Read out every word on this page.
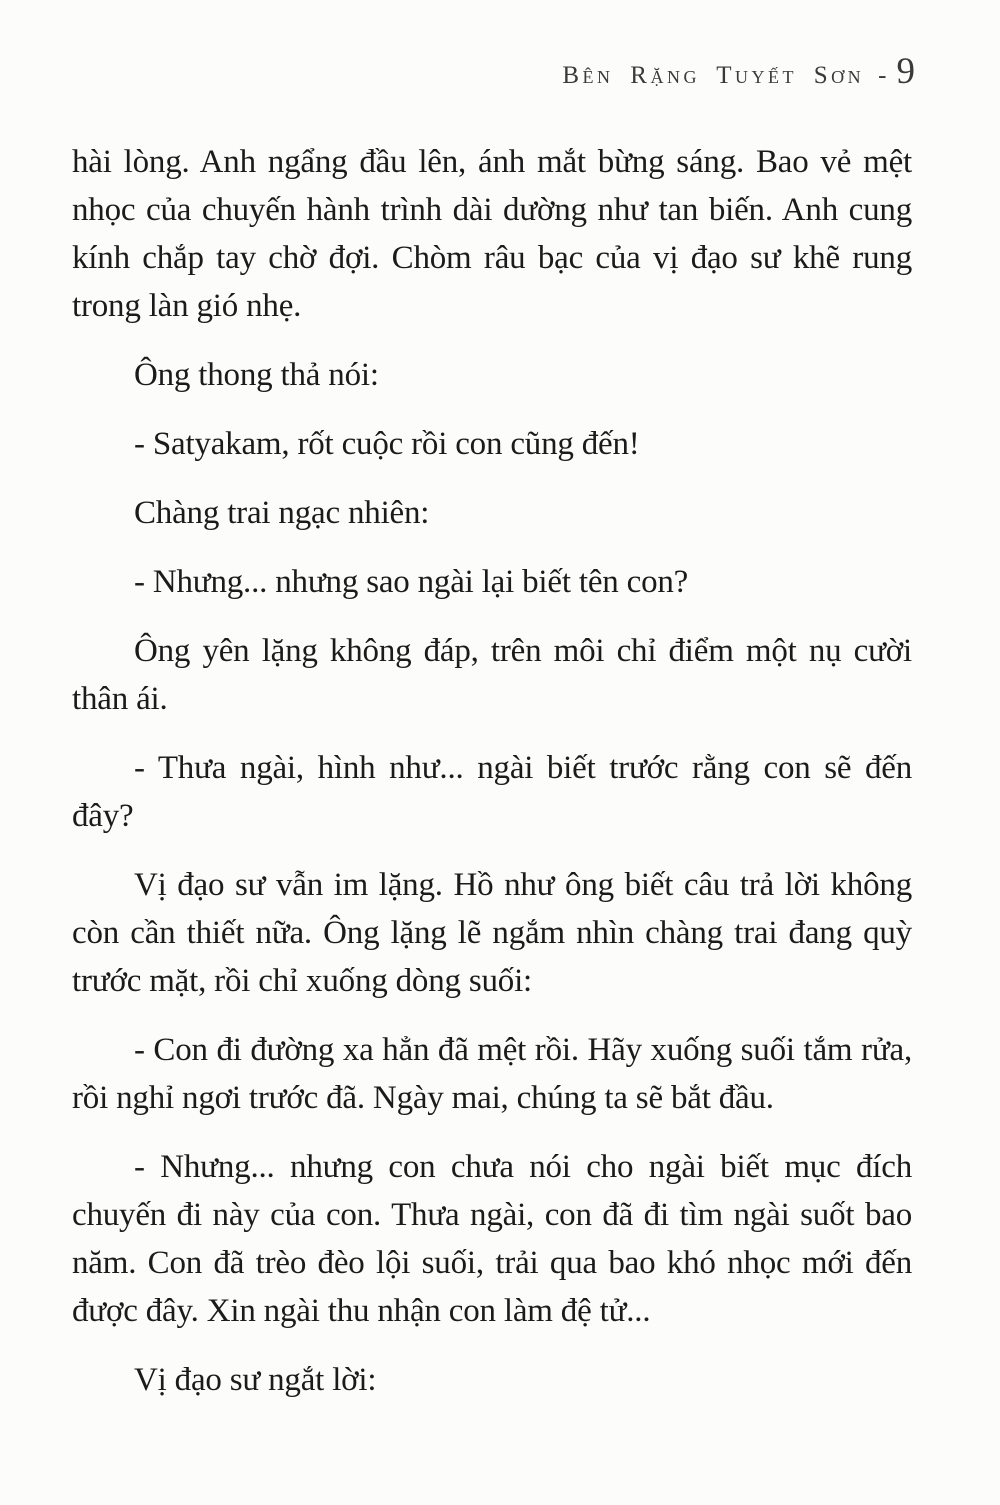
Bên Rặng Tuyết Sơn - 9

hài lòng. Anh ngẩng đầu lên, ánh mắt bừng sáng. Bao vẻ mệt nhọc của chuyến hành trình dài dường như tan biến. Anh cung kính chắp tay chờ đợi. Chòm râu bạc của vị đạo sư khẽ rung trong làn gió nhẹ.

Ông thong thả nói:

- Satyakam, rốt cuộc rồi con cũng đến!

Chàng trai ngạc nhiên:

- Nhưng... nhưng sao ngài lại biết tên con?

Ông yên lặng không đáp, trên môi chỉ điểm một nụ cười thân ái.

- Thưa ngài, hình như... ngài biết trước rằng con sẽ đến đây?

Vị đạo sư vẫn im lặng. Hồ như ông biết câu trả lời không còn cần thiết nữa. Ông lặng lẽ ngắm nhìn chàng trai đang quỳ trước mặt, rồi chỉ xuống dòng suối:

- Con đi đường xa hẳn đã mệt rồi. Hãy xuống suối tắm rửa, rồi nghỉ ngơi trước đã. Ngày mai, chúng ta sẽ bắt đầu.

- Nhưng... nhưng con chưa nói cho ngài biết mục đích chuyến đi này của con. Thưa ngài, con đã đi tìm ngài suốt bao năm. Con đã trèo đèo lội suối, trải qua bao khó nhọc mới đến được đây. Xin ngài thu nhận con làm đệ tử...

Vị đạo sư ngắt lời:
